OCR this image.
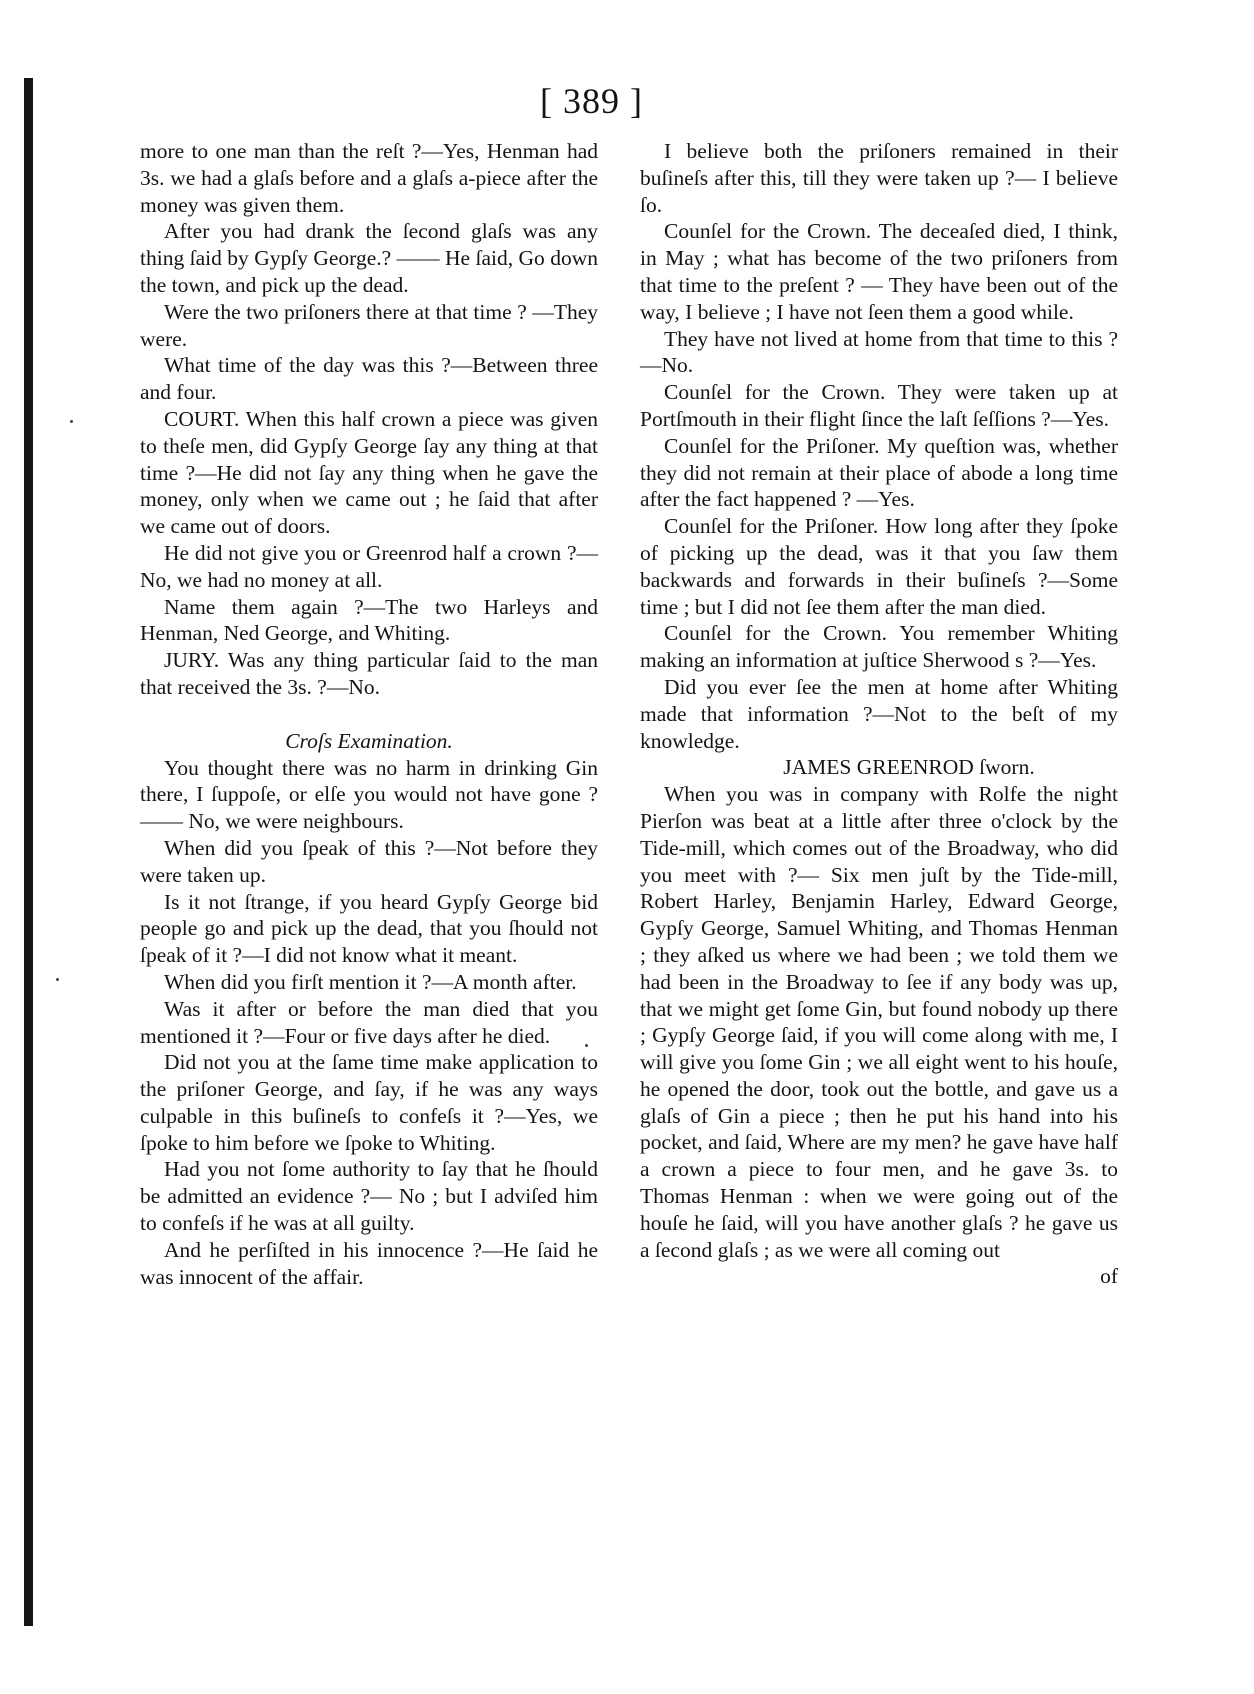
[ 389 ]

more to one man than the reſt ?—Yes, Henman had 3s. we had a glaſs before and a glaſs a-piece after the money was given them.

After you had drank the ſecond glaſs was any thing ſaid by Gypſy George.? —— He ſaid, Go down the town, and pick up the dead.

Were the two priſoners there at that time ? —They were.

What time of the day was this ?—Between three and four.

COURT. When this half crown a piece was given to theſe men, did Gypſy George ſay any thing at that time ?—He did not ſay any thing when he gave the money, only when we came out ; he ſaid that after we came out of doors.

He did not give you or Greenrod half a crown ?—No, we had no money at all.

Name them again ?—The two Harleys and Henman, Ned George, and Whiting.

JURY. Was any thing particular ſaid to the man that received the 3s. ?—No.

Croſs Examination.

You thought there was no harm in drinking Gin there, I ſuppoſe, or elſe you would not have gone ? —— No, we were neighbours.

When did you ſpeak of this ?—Not before they were taken up.

Is it not ſtrange, if you heard Gypſy George bid people go and pick up the dead, that you ſhould not ſpeak of it ?—I did not know what it meant.

When did you firſt mention it ?—A month after.

Was it after or before the man died that you mentioned it ?—Four or five days after he died.

Did not you at the ſame time make application to the priſoner George, and ſay, if he was any ways culpable in this buſineſs to confeſs it ?—Yes, we ſpoke to him before we ſpoke to Whiting.

Had you not ſome authority to ſay that he ſhould be admitted an evidence ?— No ; but I adviſed him to confeſs if he was at all guilty.

And he perſiſted in his innocence ?—He ſaid he was innocent of the affair.

I believe both the priſoners remained in their buſineſs after this, till they were taken up ?— I believe ſo.

Counſel for the Crown. The deceaſed died, I think, in May ; what has become of the two priſoners from that time to the preſent ? — They have been out of the way, I believe ; I have not ſeen them a good while.

They have not lived at home from that time to this ?—No.

Counſel for the Crown. They were taken up at Portſmouth in their flight ſince the laſt ſeſſions ?—Yes.

Counſel for the Priſoner. My queſtion was, whether they did not remain at their place of abode a long time after the fact happened ? —Yes.

Counſel for the Priſoner. How long after they ſpoke of picking up the dead, was it that you ſaw them backwards and forwards in their buſineſs ?—Some time ; but I did not ſee them after the man died.

Counſel for the Crown. You remember Whiting making an information at juſtice Sherwood s ?—Yes.

Did you ever ſee the men at home after Whiting made that information ?—Not to the beſt of my knowledge.

JAMES GREENROD ſworn.

When you was in company with Rolfe the night Pierſon was beat at a little after three o'clock by the Tide-mill, which comes out of the Broadway, who did you meet with ?— Six men juſt by the Tide-mill, Robert Harley, Benjamin Harley, Edward George, Gypſy George, Samuel Whiting, and Thomas Henman ; they aſked us where we had been ; we told them we had been in the Broadway to ſee if any body was up, that we might get ſome Gin, but found nobody up there ; Gypſy George ſaid, if you will come along with me, I will give you ſome Gin ; we all eight went to his houſe, he opened the door, took out the bottle, and gave us a glaſs of Gin a piece ; then he put his hand into his pocket, and ſaid, Where are my men? he gave have half a crown a piece to four men, and he gave 3s. to Thomas Henman : when we were going out of the houſe he ſaid, will you have another glaſs ? he gave us a ſecond glaſs ; as we were all coming out

of
